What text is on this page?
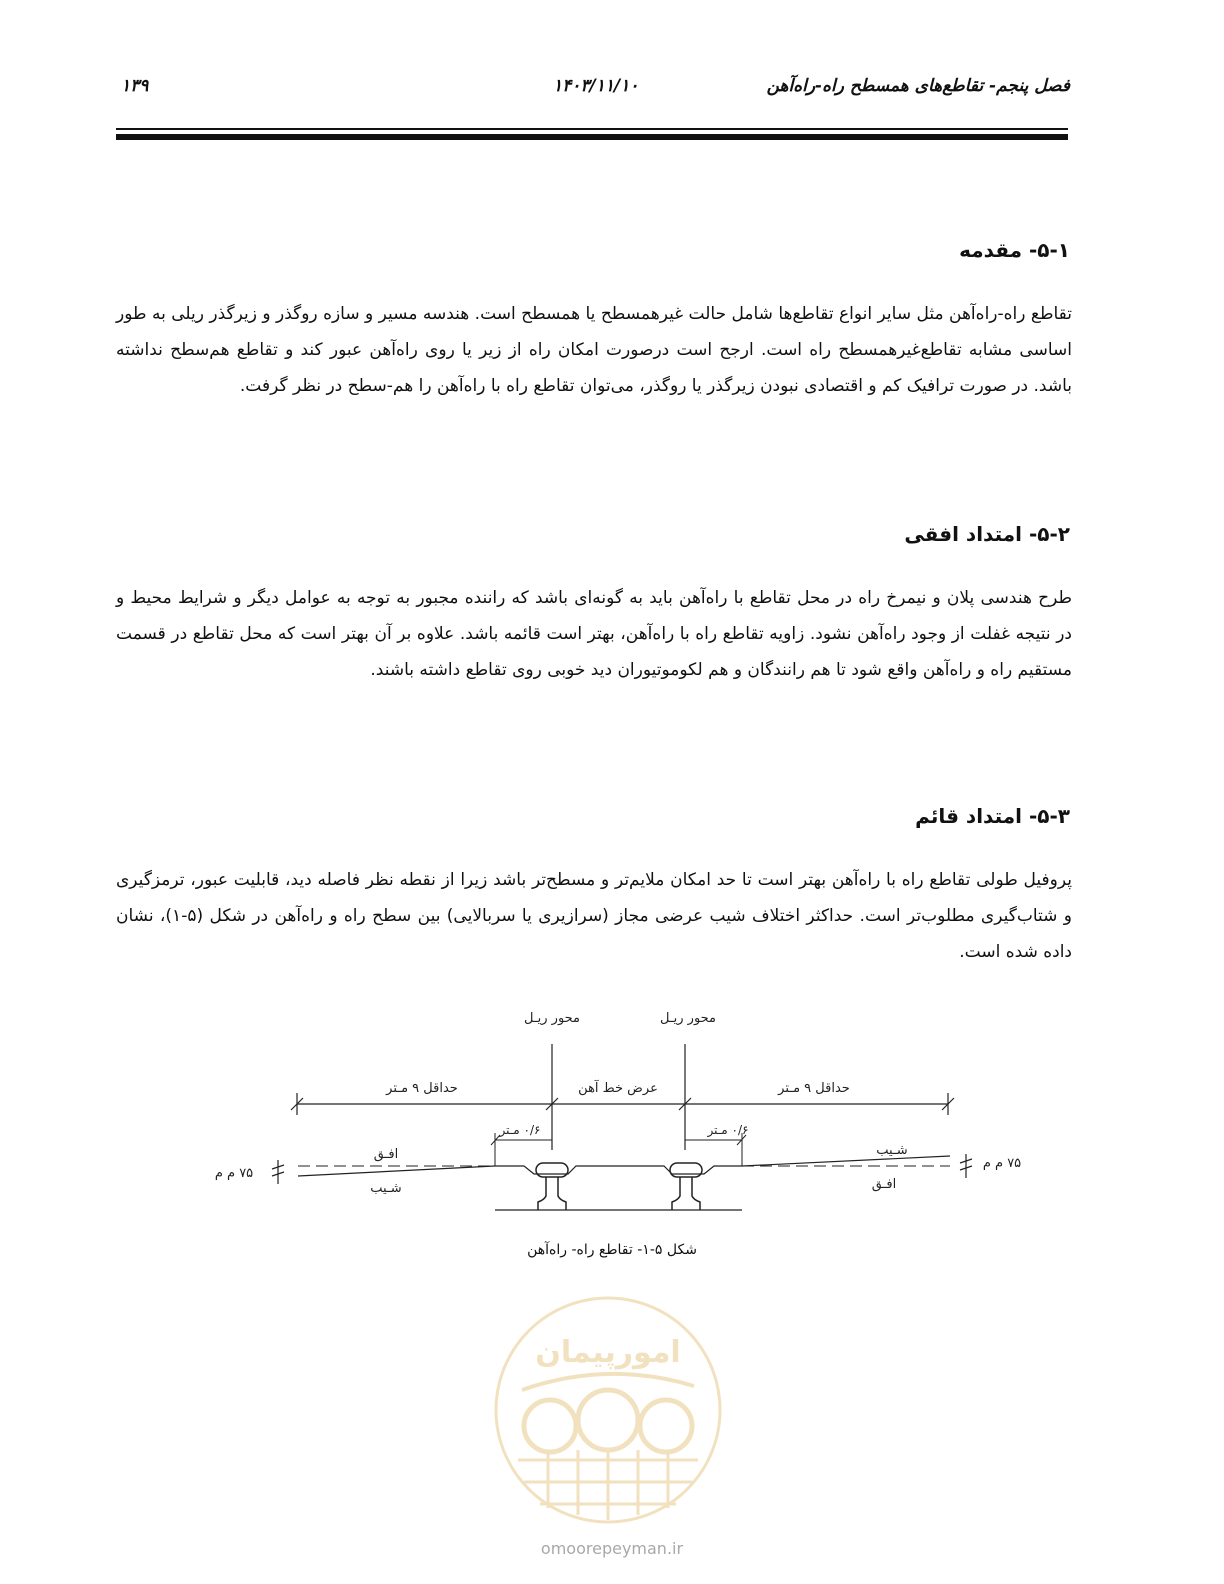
فصل پنجم- تقاطع‌های همسطح راه-راه‌آهن
۱۴۰۳/۱۱/۱۰
۱۳۹
۵-۱- مقدمه
تقاطع راه-راه‌آهن مثل سایر انواع تقاطع‌ها شامل حالت غیرهمسطح یا همسطح است. هندسه مسیر و سازه روگذر و زیرگذر ریلی به طور اساسی مشابه تقاطع‌غیرهمسطح راه است. ارجح است درصورت امکان راه از زیر یا روی راه‌آهن عبور کند و تقاطع هم‌سطح نداشته باشد. در صورت ترافیک کم و اقتصادی نبودن زیرگذر یا روگذر، می‌توان تقاطع راه با راه‌آهن را هم-سطح در نظر گرفت.
۵-۲- امتداد افقی
طرح هندسی پلان و نیمرخ راه در محل تقاطع با راه‌آهن باید به گونه‌ای باشد که راننده مجبور به توجه به عوامل دیگر و شرایط محیط و در نتیجه غفلت از وجود راه‌آهن نشود. زاویه تقاطع راه با راه‌آهن، بهتر است قائمه باشد. علاوه بر آن بهتر است که محل تقاطع در قسمت مستقیم راه و راه‌آهن واقع شود تا هم رانندگان و هم لکوموتیوران دید خوبی روی تقاطع داشته باشند.
۵-۳- امتداد قائم
پروفیل طولی تقاطع راه با راه‌آهن بهتر است تا حد امکان ملایم‌تر و مسطح‌تر باشد زیرا از نقطه نظر فاصله دید، قابلیت عبور، ترمزگیری و شتاب‌گیری مطلوب‌تر است. حداکثر اختلاف شیب عرضی مجاز (سرازیری یا سربالایی) بین سطح راه و راه‌آهن در شکل (۵-۱)، نشان داده شده است.
محور ریـل	محور ریـل
حداقل ۹ مـتر	عرض خط آهن	حداقل ۹ مـتر
۰/۶ مـتر	۰/۶ مـتر
افـق
شـیب
شـیب
افـق
۷۵ م م
۷۵ م م
شکل ۵-۱- تقاطع راه- راه‌آهن
امورپیمان
omoorepeyman.ir
